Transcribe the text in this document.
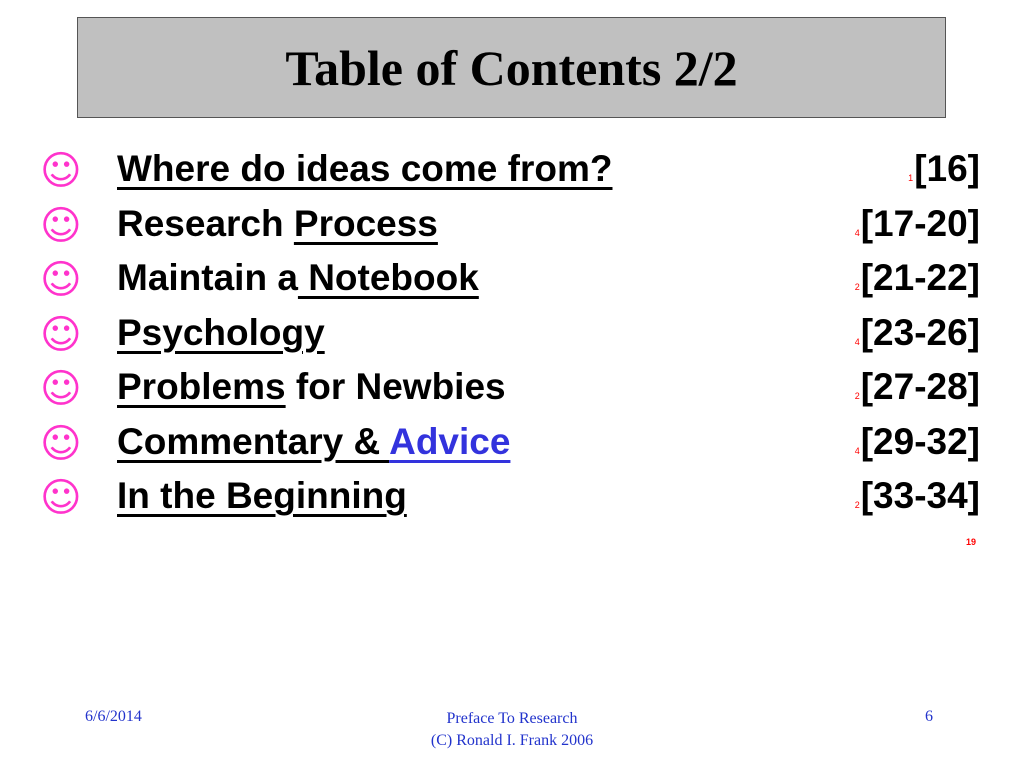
Table of Contents 2/2
☺ Where do ideas come from?	1[16]
☺ Research Process	4[17-20]
☺ Maintain a Notebook	2[21-22]
☺ Psychology	4[23-26]
☺ Problems for Newbies	2[27-28]
☺ Commentary & Advice	4[29-32]
☺ In the Beginning	2[33-34]
19
6/6/2014	Preface To Research
(C) Ronald I. Frank 2006
6
